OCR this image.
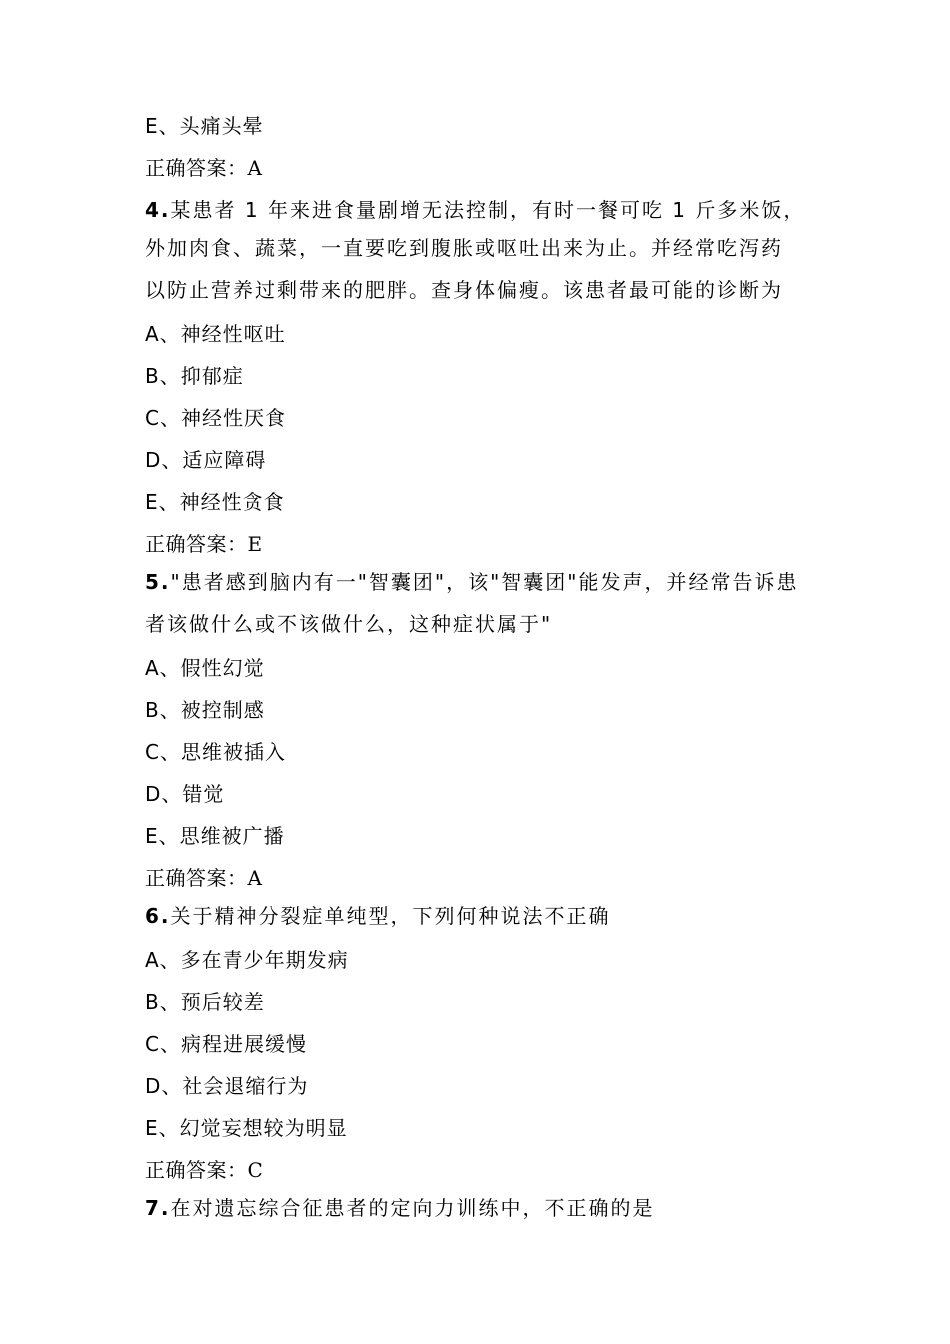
E、头痛头晕
正确答案：A
4.某患者 1 年来进食量剧增无法控制，有时一餐可吃 1 斤多米饭，
外加肉食、蔬菜，一直要吃到腹胀或呕吐出来为止。并经常吃泻药
以防止营养过剩带来的肥胖。查身体偏瘦。该患者最可能的诊断为
A、神经性呕吐
B、抑郁症
C、神经性厌食
D、适应障碍
E、神经性贪食
正确答案：E
5."患者感到脑内有一"智囊团"，该"智囊团"能发声，并经常告诉患
者该做什么或不该做什么，这种症状属于"
A、假性幻觉
B、被控制感
C、思维被插入
D、错觉
E、思维被广播
正确答案：A
6.关于精神分裂症单纯型，下列何种说法不正确
A、多在青少年期发病
B、预后较差
C、病程进展缓慢
D、社会退缩行为
E、幻觉妄想较为明显
正确答案：C
7.在对遗忘综合征患者的定向力训练中，不正确的是
